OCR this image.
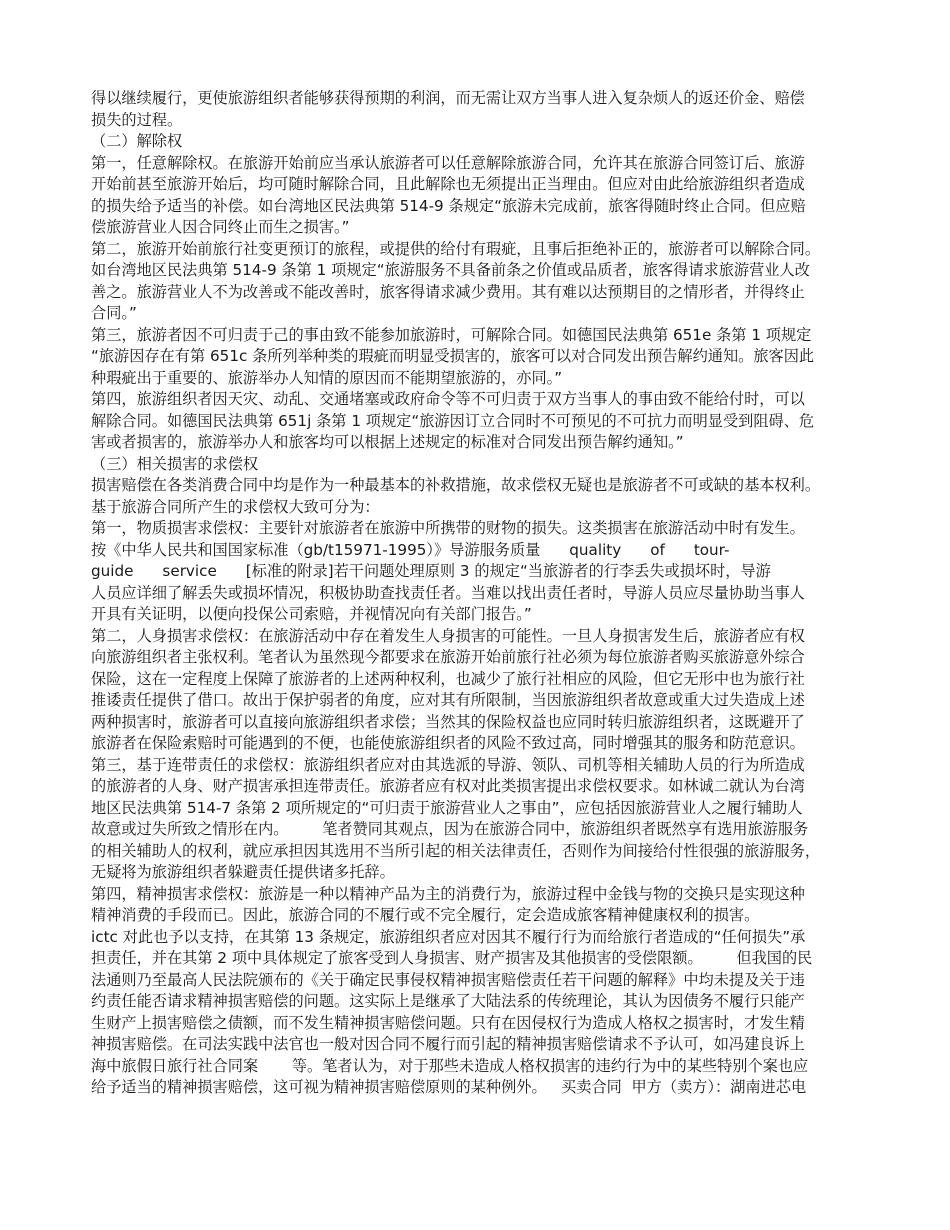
得以继续履行，更使旅游组织者能够获得预期的利润，而无需让双方当事人进入复杂烦人的返还价金、赔偿
损失的过程。
（二）解除权
第一，任意解除权。在旅游开始前应当承认旅游者可以任意解除旅游合同，允许其在旅游合同签订后、旅游
开始前甚至旅游开始后，均可随时解除合同，且此解除也无须提出正当理由。但应对由此给旅游组织者造成
的损失给予适当的补偿。如台湾地区民法典第 514-9 条规定“旅游未完成前，旅客得随时终止合同。但应赔
偿旅游营业人因合同终止而生之损害。”
第二，旅游开始前旅行社变更预订的旅程，或提供的给付有瑕疵，且事后拒绝补正的，旅游者可以解除合同。
如台湾地区民法典第 514-9 条第 1 项规定“旅游服务不具备前条之价值或品质者，旅客得请求旅游营业人改
善之。旅游营业人不为改善或不能改善时，旅客得请求减少费用。其有难以达预期目的之情形者，并得终止
合同。”
第三，旅游者因不可归责于己的事由致不能参加旅游时，可解除合同。如德国民法典第 651e 条第 1 项规定
“旅游因存在有第 651c 条所列举种类的瑕疵而明显受损害的，旅客可以对合同发出预告解约通知。旅客因此
种瑕疵出于重要的、旅游举办人知情的原因而不能期望旅游的，亦同。”
第四，旅游组织者因天灾、动乱、交通堵塞或政府命令等不可归责于双方当事人的事由致不能给付时，可以
解除合同。如德国民法典第 651j 条第 1 项规定“旅游因订立合同时不可预见的不可抗力而明显受到阻碍、危
害或者损害的，旅游举办人和旅客均可以根据上述规定的标准对合同发出预告解约通知。”
（三）相关损害的求偿权
损害赔偿在各类消费合同中均是作为一种最基本的补救措施，故求偿权无疑也是旅游者不可或缺的基本权利。
基于旅游合同所产生的求偿权大致可分为：
第一，物质损害求偿权：主要针对旅游者在旅游中所携带的财物的损失。这类损害在旅游活动中时有发生。
按《中华人民共和国国家标准（gb/t15971-1995）》导游服务质量      quality      of      tour-
guide      service      [标准的附录]若干问题处理原则 3 的规定“当旅游者的行李丢失或损坏时，导游
人员应详细了解丢失或损坏情况，积极协助查找责任者。当难以找出责任者时，导游人员应尽量协助当事人
开具有关证明，以便向投保公司索赔，并视情况向有关部门报告。”
第二，人身损害求偿权：在旅游活动中存在着发生人身损害的可能性。一旦人身损害发生后，旅游者应有权
向旅游组织者主张权利。笔者认为虽然现今都要求在旅游开始前旅行社必须为每位旅游者购买旅游意外综合
保险，这在一定程度上保障了旅游者的上述两种权利，也减少了旅行社相应的风险，但它无形中也为旅行社
推诿责任提供了借口。故出于保护弱者的角度，应对其有所限制，当因旅游组织者故意或重大过失造成上述
两种损害时，旅游者可以直接向旅游组织者求偿；当然其的保险权益也应同时转归旅游组织者，这既避开了
旅游者在保险索赔时可能遇到的不便，也能使旅游组织者的风险不致过高，同时增强其的服务和防范意识。
第三，基于连带责任的求偿权：旅游组织者应对由其选派的导游、领队、司机等相关辅助人员的行为所造成
的旅游者的人身、财产损害承担连带责任。旅游者应有权对此类损害提出求偿权要求。如林诚二就认为台湾
地区民法典第 514-7 条第 2 项所规定的“可归责于旅游营业人之事由”，应包括因旅游营业人之履行辅助人
故意或过失所致之情形在内。       笔者赞同其观点，因为在旅游合同中，旅游组织者既然享有选用旅游服务
的相关辅助人的权利，就应承担因其选用不当所引起的相关法律责任，否则作为间接给付性很强的旅游服务，
无疑将为旅游组织者躲避责任提供诸多托辞。
第四，精神损害求偿权：旅游是一种以精神产品为主的消费行为，旅游过程中金钱与物的交换只是实现这种
精神消费的手段而已。因此，旅游合同的不履行或不完全履行，定会造成旅客精神健康权利的损害。
ictc 对此也予以支持，在其第 13 条规定，旅游组织者应对因其不履行行为而给旅行者造成的“任何损失”承
担责任，并在其第 2 项中具体规定了旅客受到人身损害、财产损害及其他损害的受偿限额。       但我国的民
法通则乃至最高人民法院颁布的《关于确定民事侵权精神损害赔偿责任若干问题的解释》中均未提及关于违
约责任能否请求精神损害赔偿的问题。这实际上是继承了大陆法系的传统理论，其认为因债务不履行只能产
生财产上损害赔偿之债额，而不发生精神损害赔偿问题。只有在因侵权行为造成人格权之损害时，才发生精
神损害赔偿。在司法实践中法官也一般对因合同不履行而引起的精神损害赔偿请求不予认可，如冯建良诉上
海中旅假日旅行社合同案       等。笔者认为，对于那些未造成人格权损害的违约行为中的某些特别个案也应
给予适当的精神损害赔偿，这可视为精神损害赔偿原则的某种例外。   买卖合同  甲方（卖方）：湖南进芯电
